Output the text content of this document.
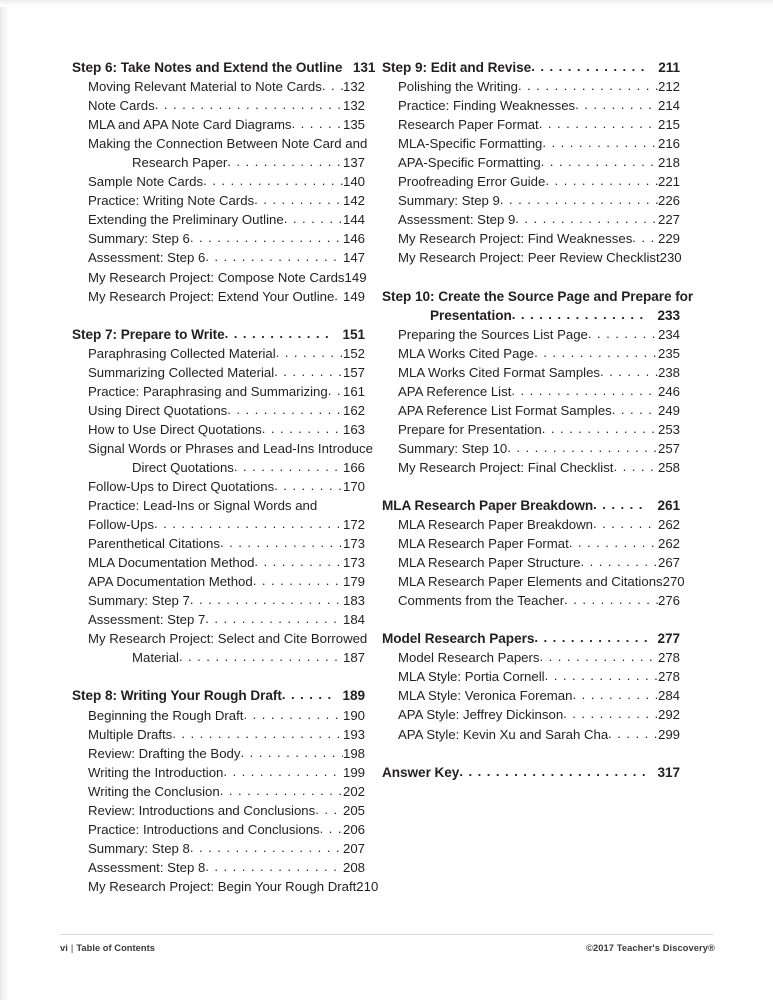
Step 6: Take Notes and Extend the Outline 131
Moving Relevant Material to Note Cards . . . 132
Note Cards . . .	132
MLA and APA Note Card Diagrams . . .	135
Making the Connection Between Note Card and
Research Paper . . .	137
Sample Note Cards . . .	140
Practice: Writing Note Cards . . .	142
Extending the Preliminary Outline . . .	144
Summary: Step 6 . . .	146
Assessment: Step 6 . . .	147
My Research Project: Compose Note Cards 149
My Research Project: Extend Your Outline . . . 149
Step 7: Prepare to Write . . .	151
Paraphrasing Collected Material . . .	152
Summarizing Collected Material . . .	157
Practice: Paraphrasing and Summarizing . . . 161
Using Direct Quotations . . .	162
How to Use Direct Quotations . . .	163
Signal Words or Phrases and Lead-Ins Introduce
Direct Quotations . . .	166
Follow-Ups to Direct Quotations . . .	170
Practice: Lead-Ins or Signal Words and
Follow-Ups . . .	172
Parenthetical Citations . . .	173
MLA Documentation Method . . .	173
APA Documentation Method . . .	179
Summary: Step 7 . . .	183
Assessment: Step 7 . . .	184
My Research Project: Select and Cite Borrowed
Material . . .	187
Step 8: Writing Your Rough Draft . . .	189
Beginning the Rough Draft . . .	190
Multiple Drafts . . .	193
Review: Drafting the Body . . .	198
Writing the Introduction . . .	199
Writing the Conclusion . . .	202
Review: Introductions and Conclusions . . . 205
Practice: Introductions and Conclusions . . . 206
Summary: Step 8 . . .	207
Assessment: Step 8 . . .	208
My Research Project: Begin Your Rough Draft 210
Step 9: Edit and Revise . . .	211
Polishing the Writing . . .	212
Practice: Finding Weaknesses . . .	214
Research Paper Format . . .	215
MLA-Specific Formatting . . .	216
APA-Specific Formatting . . .	218
Proofreading Error Guide . . .	221
Summary: Step 9 . . .	226
Assessment: Step 9 . . .	227
My Research Project: Find Weaknesses . . . 229
My Research Project: Peer Review Checklist 230
Step 10: Create the Source Page and Prepare for
Presentation . . .	233
Preparing the Sources List Page . . .	234
MLA Works Cited Page . . .	235
MLA Works Cited Format Samples . . .	238
APA Reference List . . .	246
APA Reference List Format Samples . . .	249
Prepare for Presentation . . .	253
Summary: Step 10 . . .	257
My Research Project: Final Checklist . . .	258
MLA Research Paper Breakdown . . .	261
MLA Research Paper Breakdown . . .	262
MLA Research Paper Format . . .	262
MLA Research Paper Structure . . .	267
MLA Research Paper Elements and Citations 270
Comments from the Teacher . . .	276
Model Research Papers . . .	277
Model Research Papers . . .	278
MLA Style: Portia Cornell . . .	278
MLA Style: Veronica Foreman . . .	284
APA Style: Jeffrey Dickinson . . .	292
APA Style: Kevin Xu and Sarah Cha . . .	299
Answer Key . . .	317
vi | Table of Contents	©2017 Teacher's Discovery®
